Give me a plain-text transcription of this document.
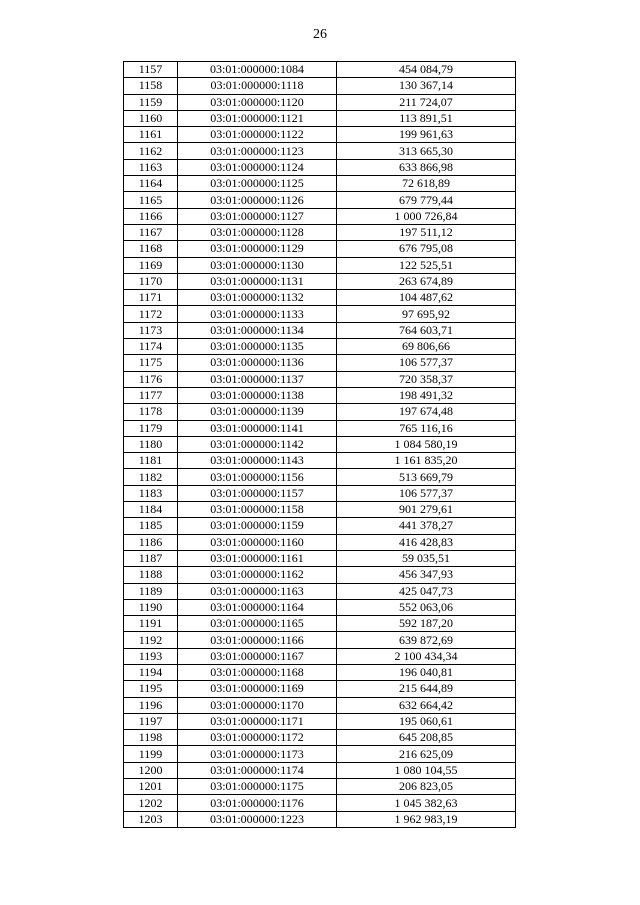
26
1157	03:01:000000:1084	454 084,79
1158	03:01:000000:1118	130 367,14
1159	03:01:000000:1120	211 724,07
1160	03:01:000000:1121	113 891,51
1161	03:01:000000:1122	199 961,63
1162	03:01:000000:1123	313 665,30
1163	03:01:000000:1124	633 866,98
1164	03:01:000000:1125	72 618,89
1165	03:01:000000:1126	679 779,44
1166	03:01:000000:1127	1 000 726,84
1167	03:01:000000:1128	197 511,12
1168	03:01:000000:1129	676 795,08
1169	03:01:000000:1130	122 525,51
1170	03:01:000000:1131	263 674,89
1171	03:01:000000:1132	104 487,62
1172	03:01:000000:1133	97 695,92
1173	03:01:000000:1134	764 603,71
1174	03:01:000000:1135	69 806,66
1175	03:01:000000:1136	106 577,37
1176	03:01:000000:1137	720 358,37
1177	03:01:000000:1138	198 491,32
1178	03:01:000000:1139	197 674,48
1179	03:01:000000:1141	765 116,16
1180	03:01:000000:1142	1 084 580,19
1181	03:01:000000:1143	1 161 835,20
1182	03:01:000000:1156	513 669,79
1183	03:01:000000:1157	106 577,37
1184	03:01:000000:1158	901 279,61
1185	03:01:000000:1159	441 378,27
1186	03:01:000000:1160	416 428,83
1187	03:01:000000:1161	59 035,51
1188	03:01:000000:1162	456 347,93
1189	03:01:000000:1163	425 047,73
1190	03:01:000000:1164	552 063,06
1191	03:01:000000:1165	592 187,20
1192	03:01:000000:1166	639 872,69
1193	03:01:000000:1167	2 100 434,34
1194	03:01:000000:1168	196 040,81
1195	03:01:000000:1169	215 644,89
1196	03:01:000000:1170	632 664,42
1197	03:01:000000:1171	195 060,61
1198	03:01:000000:1172	645 208,85
1199	03:01:000000:1173	216 625,09
1200	03:01:000000:1174	1 080 104,55
1201	03:01:000000:1175	206 823,05
1202	03:01:000000:1176	1 045 382,63
1203	03:01:000000:1223	1 962 983,19
